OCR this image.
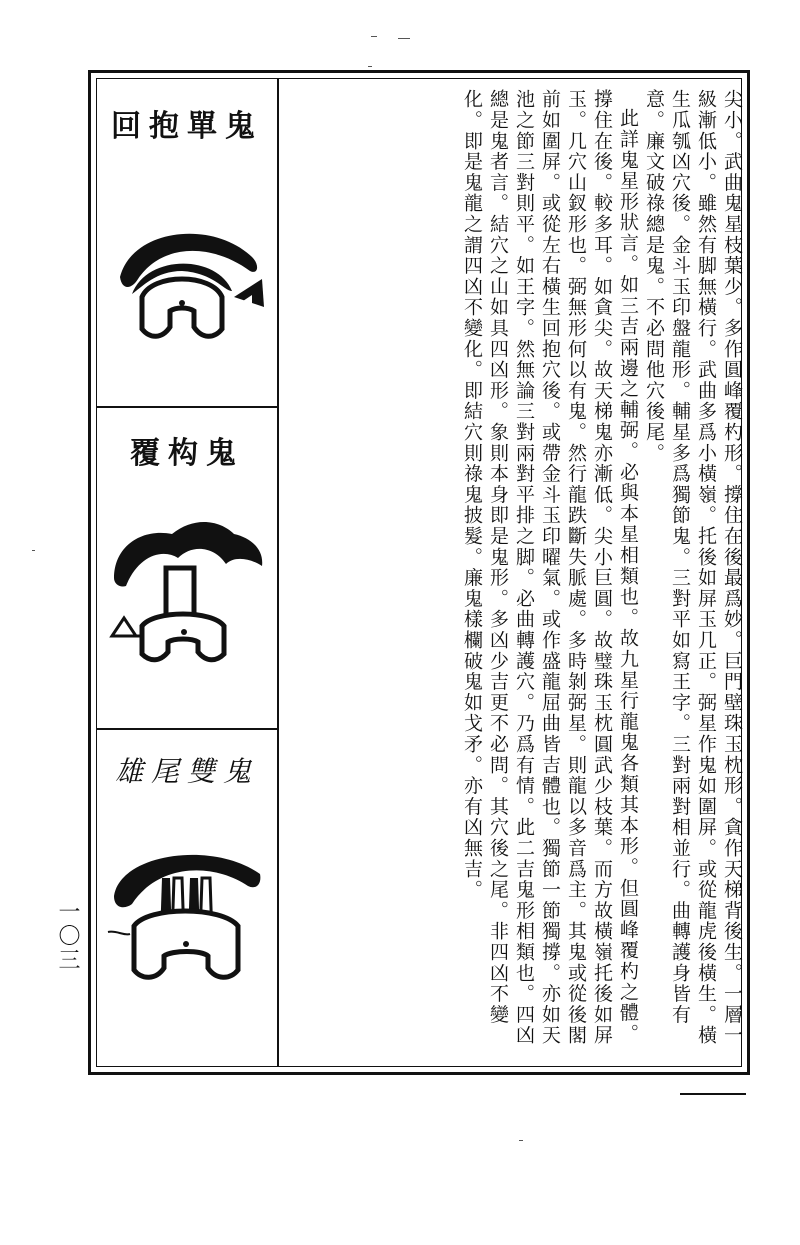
回抱單鬼
覆构鬼
雄尾雙鬼	尖小。武曲鬼星枝葉少。多作圓峰覆杓形。撐住在後最爲妙。巨門壁珠玉枕形。貪作天梯背後生。一層一級漸低小。雖然有脚無橫行。武曲多爲小橫嶺。托後如屏玉几正。弼星作鬼如圍屏。或從龍虎後橫生。橫生瓜瓠凶穴後。金斗玉印盤龍形。輔星多爲獨節鬼。三對平如寫王字。三對兩對相並行。曲轉護身皆有意。廉文破祿總是鬼。不必問他穴後尾。

此詳鬼星形狀言。如三吉兩邊之輔弼。必與本星相類也。故九星行龍鬼各類其本形。但圓峰覆杓之體。撐住在後。較多耳。如貪尖。故天梯鬼亦漸低。尖小巨圓。故璧珠玉枕圓武少枝葉。而方故橫嶺托後如屏玉。几穴山釵形也。弼無形何以有鬼。然行龍跌斷失脈處。多時剝弼星。則龍以多音爲主。其鬼或從後閣前如圍屏。或從左右橫生回抱穴後。或帶金斗玉印曜氣。或作盛龍屈曲皆吉體也。獨節一節獨撐。亦如天池之節三對則平。如王字。然無論三對兩對平排之脚。必曲轉護穴。乃爲有情。此二吉鬼形相類也。四凶總是鬼者言。結穴之山如具四凶形。象則本身即是鬼形。多凶少吉更不必問。其穴後之尾。非四凶不變化。即是鬼龍之謂四凶不變化。即結穴則祿鬼披髮。廉鬼樣欄破鬼如戈矛。亦有凶無吉。

一〇三
